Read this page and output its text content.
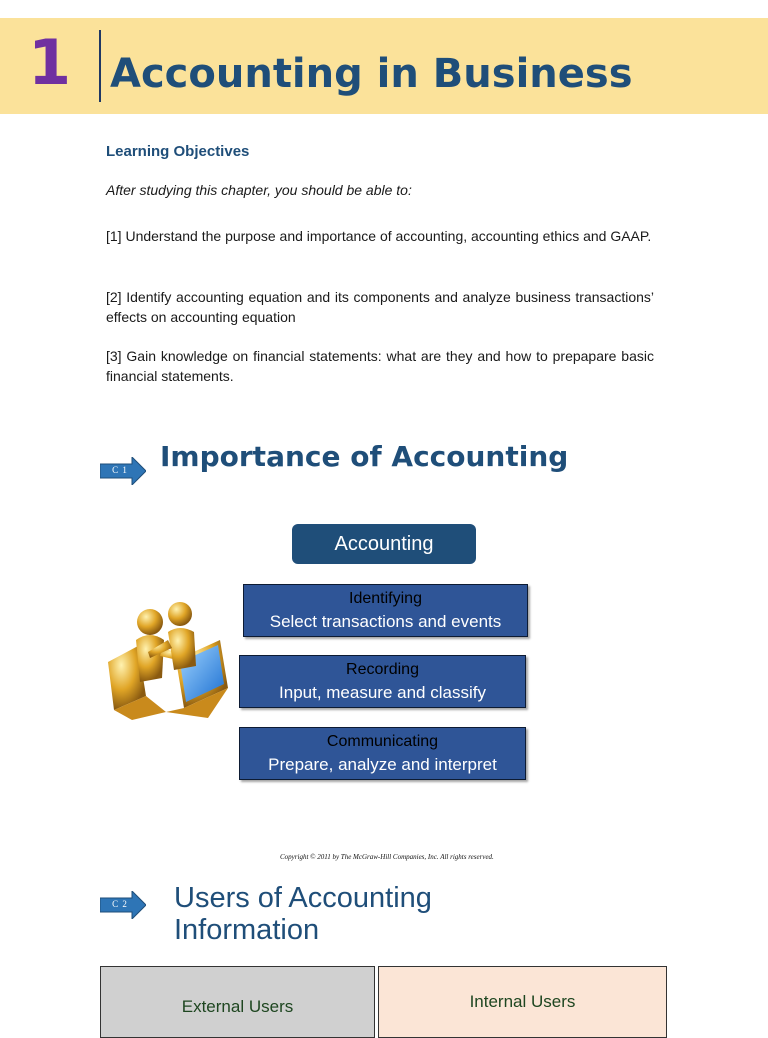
1 Accounting in Business
Learning Objectives
After studying this chapter, you should be able to:
[1] Understand the purpose and importance of accounting, accounting ethics and GAAP.
[2] Identify accounting equation and its components and analyze business transactions’ effects on accounting equation
[3] Gain knowledge on financial statements: what are they and how to prepapare basic financial statements.
C 1	Importance of Accounting
Accounting
Identifying
Select transactions and events
Recording
Input, measure and classify
Communicating
Prepare, analyze and interpret
Copyright © 2011 by The McGraw-Hill Companies, Inc. All rights reserved.
C 2	Users of Accounting
Information
External Users	Internal Users
